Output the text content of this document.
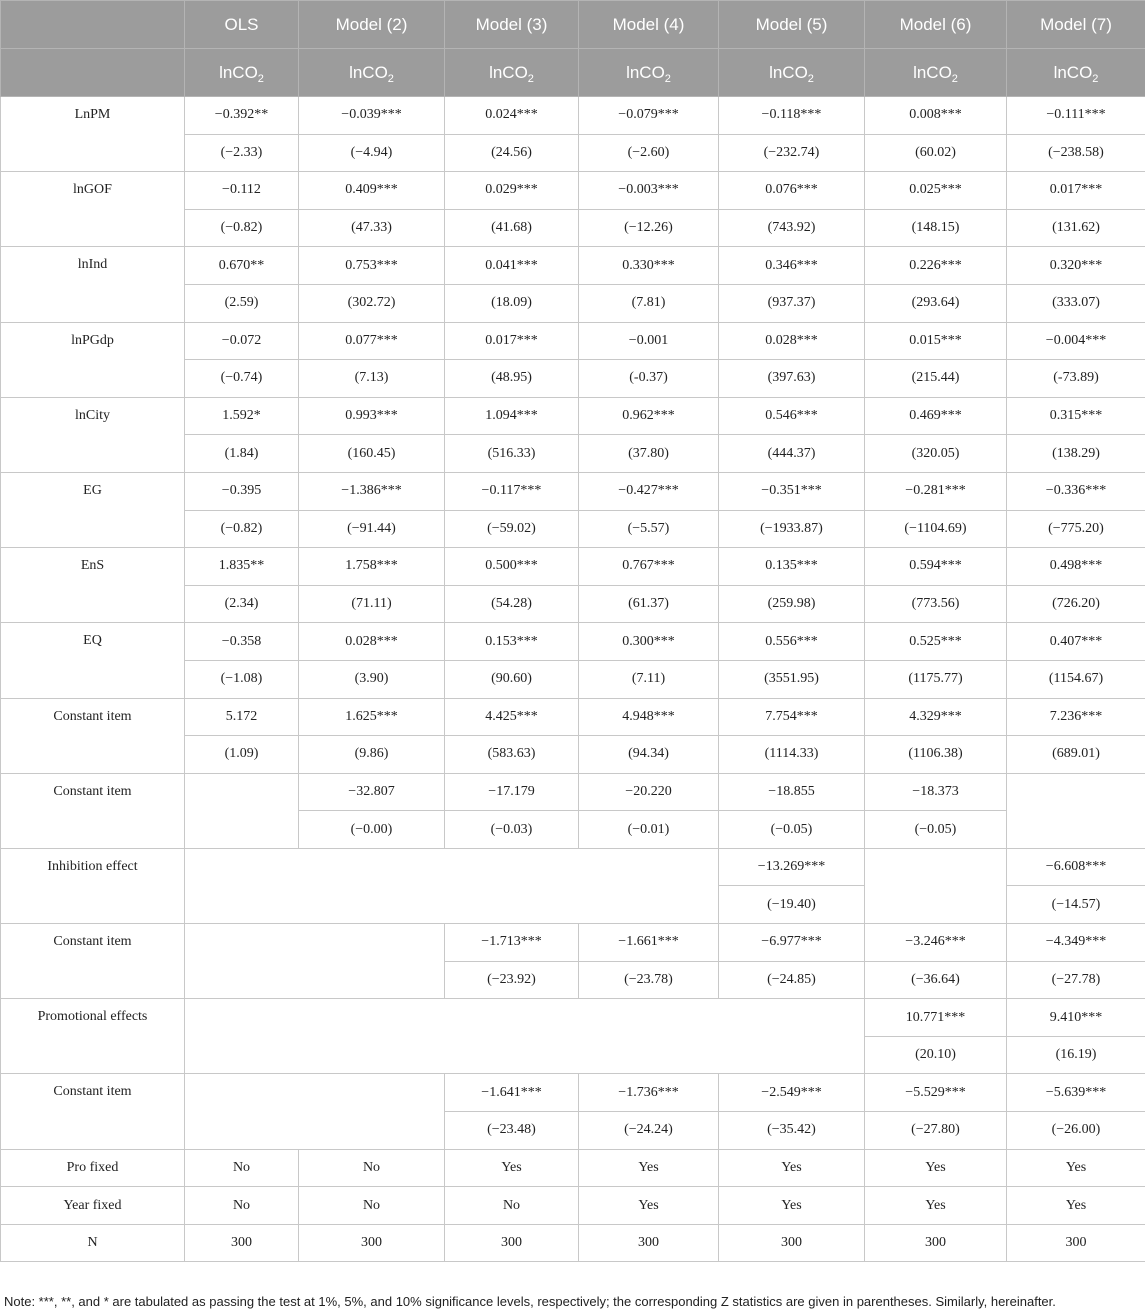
	OLS	Model (2)	Model (3)	Model (4)	Model (5)	Model (6)	Model (7)
	lnCO$_2$	lnCO$_2$	lnCO$_2$	lnCO$_2$	lnCO$_2$	lnCO$_2$	lnCO$_2$
LnPM	−0.392**	−0.039***	0.024***	−0.079***	−0.118***	0.008***	−0.111***
	(−2.33)	(−4.94)	(24.56)	(−2.60)	(−232.74)	(60.02)	(−238.58)
lnGOF	−0.112	0.409***	0.029***	−0.003***	0.076***	0.025***	0.017***
	(−0.82)	(47.33)	(41.68)	(−12.26)	(743.92)	(148.15)	(131.62)
lnInd	0.670**	0.753***	0.041***	0.330***	0.346***	0.226***	0.320***
	(2.59)	(302.72)	(18.09)	(7.81)	(937.37)	(293.64)	(333.07)
lnPGdp	−0.072	0.077***	0.017***	−0.001	0.028***	0.015***	−0.004***
	(−0.74)	(7.13)	(48.95)	(-0.37)	(397.63)	(215.44)	(-73.89)
lnCity	1.592*	0.993***	1.094***	0.962***	0.546***	0.469***	0.315***
	(1.84)	(160.45)	(516.33)	(37.80)	(444.37)	(320.05)	(138.29)
EG	−0.395	−1.386***	−0.117***	−0.427***	−0.351***	−0.281***	−0.336***
	(−0.82)	(−91.44)	(−59.02)	(−5.57)	(−1933.87)	(−1104.69)	(−775.20)
EnS	1.835**	1.758***	0.500***	0.767***	0.135***	0.594***	0.498***
	(2.34)	(71.11)	(54.28)	(61.37)	(259.98)	(773.56)	(726.20)
EQ	−0.358	0.028***	0.153***	0.300***	0.556***	0.525***	0.407***
	(−1.08)	(3.90)	(90.60)	(7.11)	(3551.95)	(1175.77)	(1154.67)
Constant item	5.172	1.625***	4.425***	4.948***	7.754***	4.329***	7.236***
	(1.09)	(9.86)	(583.63)	(94.34)	(1114.33)	(1106.38)	(689.01)
Constant item		−32.807	−17.179	−20.220	−18.855	−18.373	
		(−0.00)	(−0.03)	(−0.01)	(−0.05)	(−0.05)	
Inhibition effect					−13.269***		−6.608***
					(−19.40)		(−14.57)
Constant item			−1.713***	−1.661***	−6.977***	−3.246***	−4.349***
			(−23.92)	(−23.78)	(−24.85)	(−36.64)	(−27.78)
Promotional effects						10.771***	9.410***
						(20.10)	(16.19)
Constant item			−1.641***	−1.736***	−2.549***	−5.529***	−5.639***
			(−23.48)	(−24.24)	(−35.42)	(−27.80)	(−26.00)
Pro fixed	No	No	Yes	Yes	Yes	Yes	Yes
Year fixed	No	No	No	Yes	Yes	Yes	Yes
N	300	300	300	300	300	300	300
Note: ***, **, and * are tabulated as passing the test at 1%, 5%, and 10% significance levels, respectively; the corresponding Z statistics are given in parentheses. Similarly, hereinafter.
